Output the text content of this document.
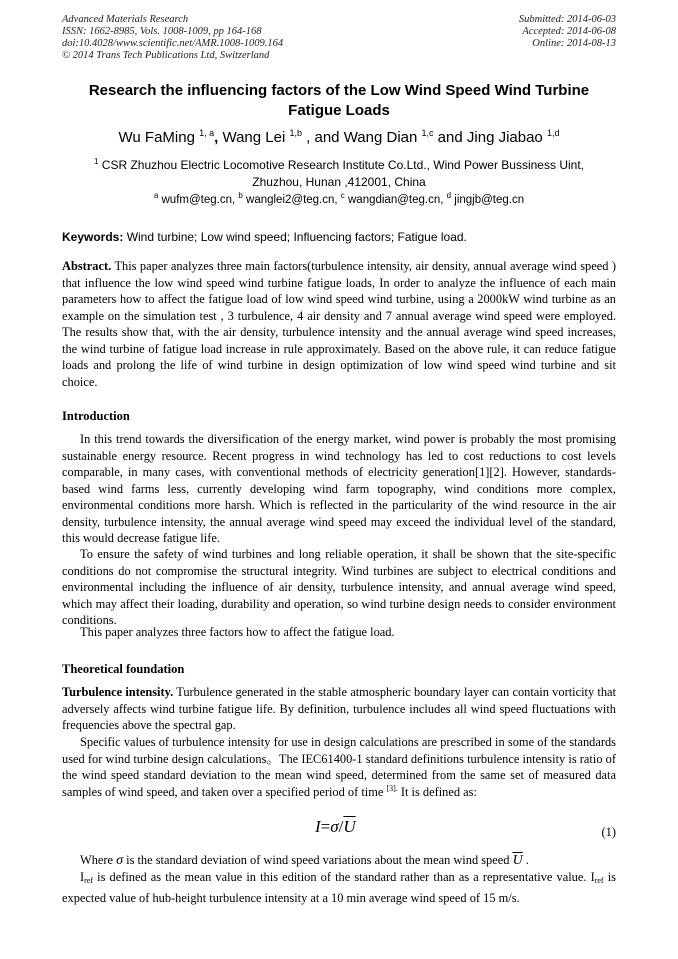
Advanced Materials Research
ISSN: 1662-8985, Vols. 1008-1009, pp 164-168
doi:10.4028/www.scientific.net/AMR.1008-1009.164
© 2014 Trans Tech Publications Ltd, Switzerland
Submitted: 2014-06-03
Accepted: 2014-06-08
Online: 2014-08-13
Research the influencing factors of the Low Wind Speed Wind Turbine
Fatigue Loads
Wu FaMing $^{1, a}$, Wang Lei $^{1,b}$ , and Wang Dian $^{1,c}$ and Jing Jiabao $^{1,d}$
$^1$ CSR Zhuzhou Electric Locomotive Research Institute Co.Ltd., Wind Power Bussiness Uint,
Zhuzhou, Hunan ,412001, China
$^a$ wufm@teg.cn, $^b$ wanglei2@teg.cn, $^c$ wangdian@teg.cn, $^d$ jingjb@teg.cn
Keywords: Wind turbine; Low wind speed; Influencing factors; Fatigue load.

Abstract. This paper analyzes three main factors(turbulence intensity, air density, annual average wind speed ) that influence the low wind speed wind turbine fatigue loads, In order to analyze the influence of each main parameters how to affect the fatigue load of low wind speed wind turbine, using a 2000kW wind turbine as an example on the simulation test , 3 turbulence, 4 air density and 7 annual average wind speed were employed. The results show that, with the air density, turbulence intensity and the annual average wind speed increases, the wind turbine of fatigue load increase in rule approximately. Based on the above rule, it can reduce fatigue loads and prolong the life of wind turbine in design optimization of low wind speed wind turbine and sit choice.

Introduction

In this trend towards the diversification of the energy market, wind power is probably the most promising sustainable energy resource. Recent progress in wind technology has led to cost reductions to cost levels comparable, in many cases, with conventional methods of electricity generation[1][2]. However, standards-based wind farms less, currently developing wind farm topography, wind conditions more complex, environmental conditions more harsh. Which is reflected in the particularity of the wind resource in the air density, turbulence intensity, the annual average wind speed may exceed the individual level of the standard, this would decrease fatigue life.

To ensure the safety of wind turbines and long reliable operation, it shall be shown that the site-specific conditions do not compromise the structural integrity. Wind turbines are subject to electrical conditions and environmental including the influence of air density, turbulence intensity, and annual average wind speed, which may affect their loading, durability and operation, so wind turbine design needs to consider environment conditions.

This paper analyzes three factors how to affect the fatigue load.

Theoretical foundation

Turbulence intensity. Turbulence generated in the stable atmospheric boundary layer can contain vorticity that adversely affects wind turbine fatigue life. By definition, turbulence includes all wind speed fluctuations with frequencies above the spectral gap.

Specific values of turbulence intensity for use in design calculations are prescribed in some of the standards used for wind turbine design calculations。The IEC61400-1 standard definitions turbulence intensity is ratio of the wind speed standard deviation to the mean wind speed, determined from the same set of measured data samples of wind speed, and taken over a specified period of time $^{[3].}$ It is defined as:

$I=\sigma/\overline{U}$	(1)

Where σ is the standard deviation of wind speed variations about the mean wind speed $\overline{U}$ .

$I_{ref}$ is defined as the mean value in this edition of the standard rather than as a representative value. $I_{ref}$ is expected value of hub-height turbulence intensity at a 10 min average wind speed of 15 m/s.
